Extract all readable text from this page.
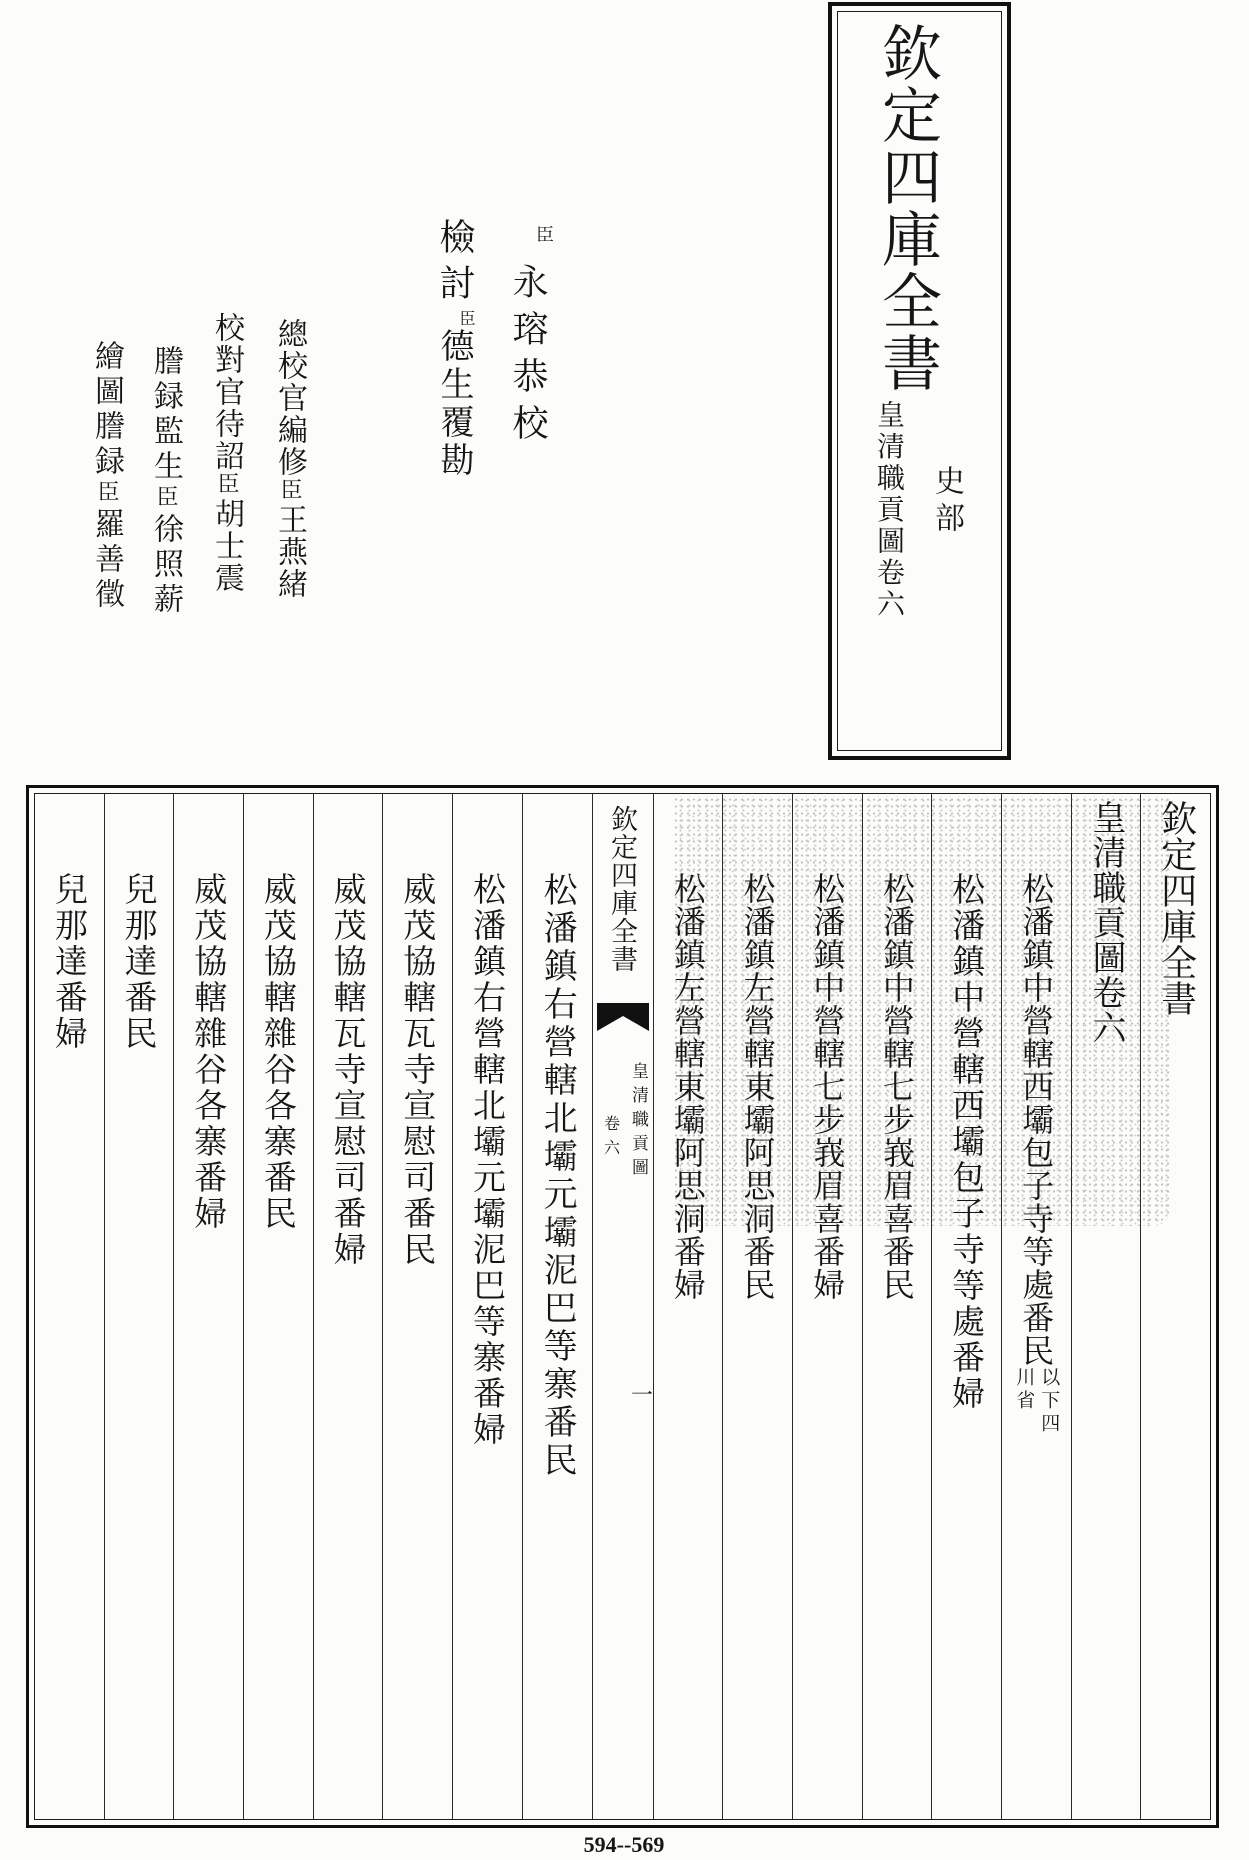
欽定四庫全書
皇清職貢圖卷六 史部
臣永瑢恭校
檢討臣德生覆勘
總校官編修臣王燕緒
校對官待詔臣胡士震
謄録監生臣徐照薪
繪圖謄録臣羅善徵
欽定四庫全書
皇清職貢圖卷六
松潘鎮中營轄西壩包子寺等處番民
以下四
川省
松潘鎮中營轄西壩包子寺等處番婦
松潘鎮中營轄七步峩眉喜番民
松潘鎮中營轄七步峩眉喜番婦
松潘鎮左營轄東壩阿思洞番民
松潘鎮左營轄東壩阿思洞番婦
欽定四庫全書
皇清職貢圖
卷六
一
松潘鎮右營轄北壩元壩泥巴等寨番民
松潘鎮右營轄北壩元壩泥巴等寨番婦
威茂協轄瓦寺宣慰司番民
威茂協轄瓦寺宣慰司番婦
威茂協轄雜谷各寨番民
威茂協轄雜谷各寨番婦
兒那達番民
兒那達番婦
594--569
